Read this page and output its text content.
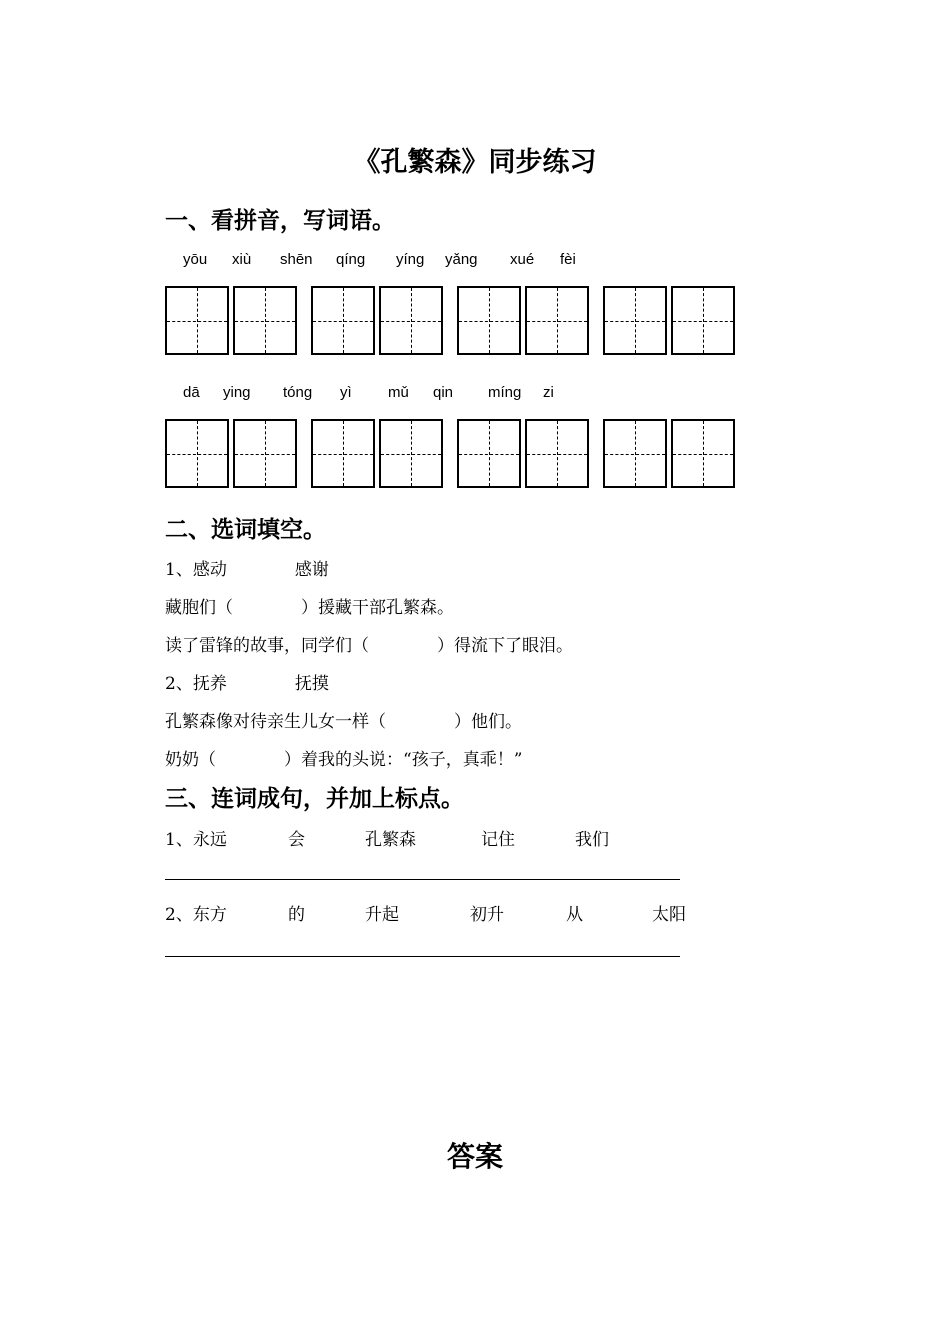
《孔繁森》同步练习
一、看拼音，写词语。
yōu xiù shēn qíng yíng yǎng xué fèi
dā ying tóng yì mǔ qin míng zi
二、选词填空。
1、感动　　　　感谢
藏胞们（　　　　）援藏干部孔繁森。
读了雷锋的故事，同学们（　　　　）得流下了眼泪。
2、抚养　　　　抚摸
孔繁森像对待亲生儿女一样（　　　　）他们。
奶奶（　　　　）着我的头说：“孩子，真乖！”
三、连词成句，并加上标点。
1、永远	会	孔繁森	记住	我们
2、东方	的	升起	初升	从	太阳
答案
